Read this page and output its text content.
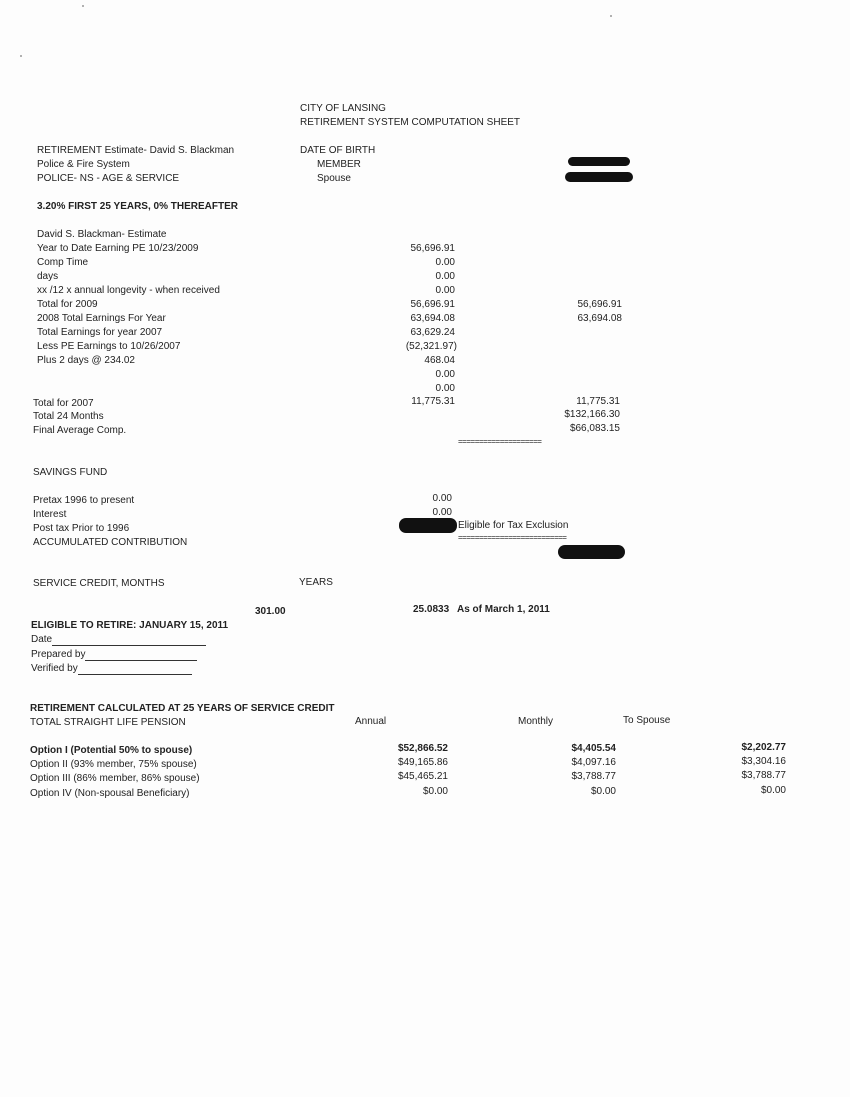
CITY OF LANSING
RETIREMENT SYSTEM COMPUTATION SHEET
RETIREMENT Estimate- David S. Blackman
Police & Fire System
POLICE- NS - AGE & SERVICE
DATE OF BIRTH
MEMBER
Spouse
3.20% FIRST 25 YEARS, 0% THEREAFTER
David S. Blackman- Estimate
Year to Date Earning PE 10/23/2009	56,696.91
Comp Time	0.00
days	0.00
xx /12 x annual longevity - when received	0.00
Total for 2009	56,696.91	56,696.91
2008 Total Earnings For Year	63,694.08	63,694.08
Total Earnings for year 2007	63,629.24
Less PE Earnings to 10/26/2007	(52,321.97)
Plus 2 days @ 234.02	468.04
0.00
0.00
Total for 2007	11,775.31	11,775.31
Total 24 Months	$132,166.30
Final Average Comp.	$66,083.15
====================
SAVINGS FUND
Pretax 1996 to present	0.00
Interest	0.00
Post tax Prior to 1996	Eligible for Tax Exclusion
ACCUMULATED CONTRIBUTION	==========================
SERVICE CREDIT, MONTHS	YEARS
301.00	25.0833 As of March 1, 2011
ELIGIBLE TO RETIRE: JANUARY 15, 2011
Date
Prepared by
Verified by
RETIREMENT CALCULATED AT 25 YEARS OF SERVICE CREDIT
TOTAL STRAIGHT LIFE PENSION	Annual	Monthly	To Spouse
Option I (Potential 50% to spouse)	$52,866.52	$4,405.54	$2,202.77
Option II (93% member, 75% spouse)	$49,165.86	$4,097.16	$3,304.16
Option III (86% member, 86% spouse)	$45,465.21	$3,788.77	$3,788.77
Option IV (Non-spousal Beneficiary)	$0.00	$0.00	$0.00
